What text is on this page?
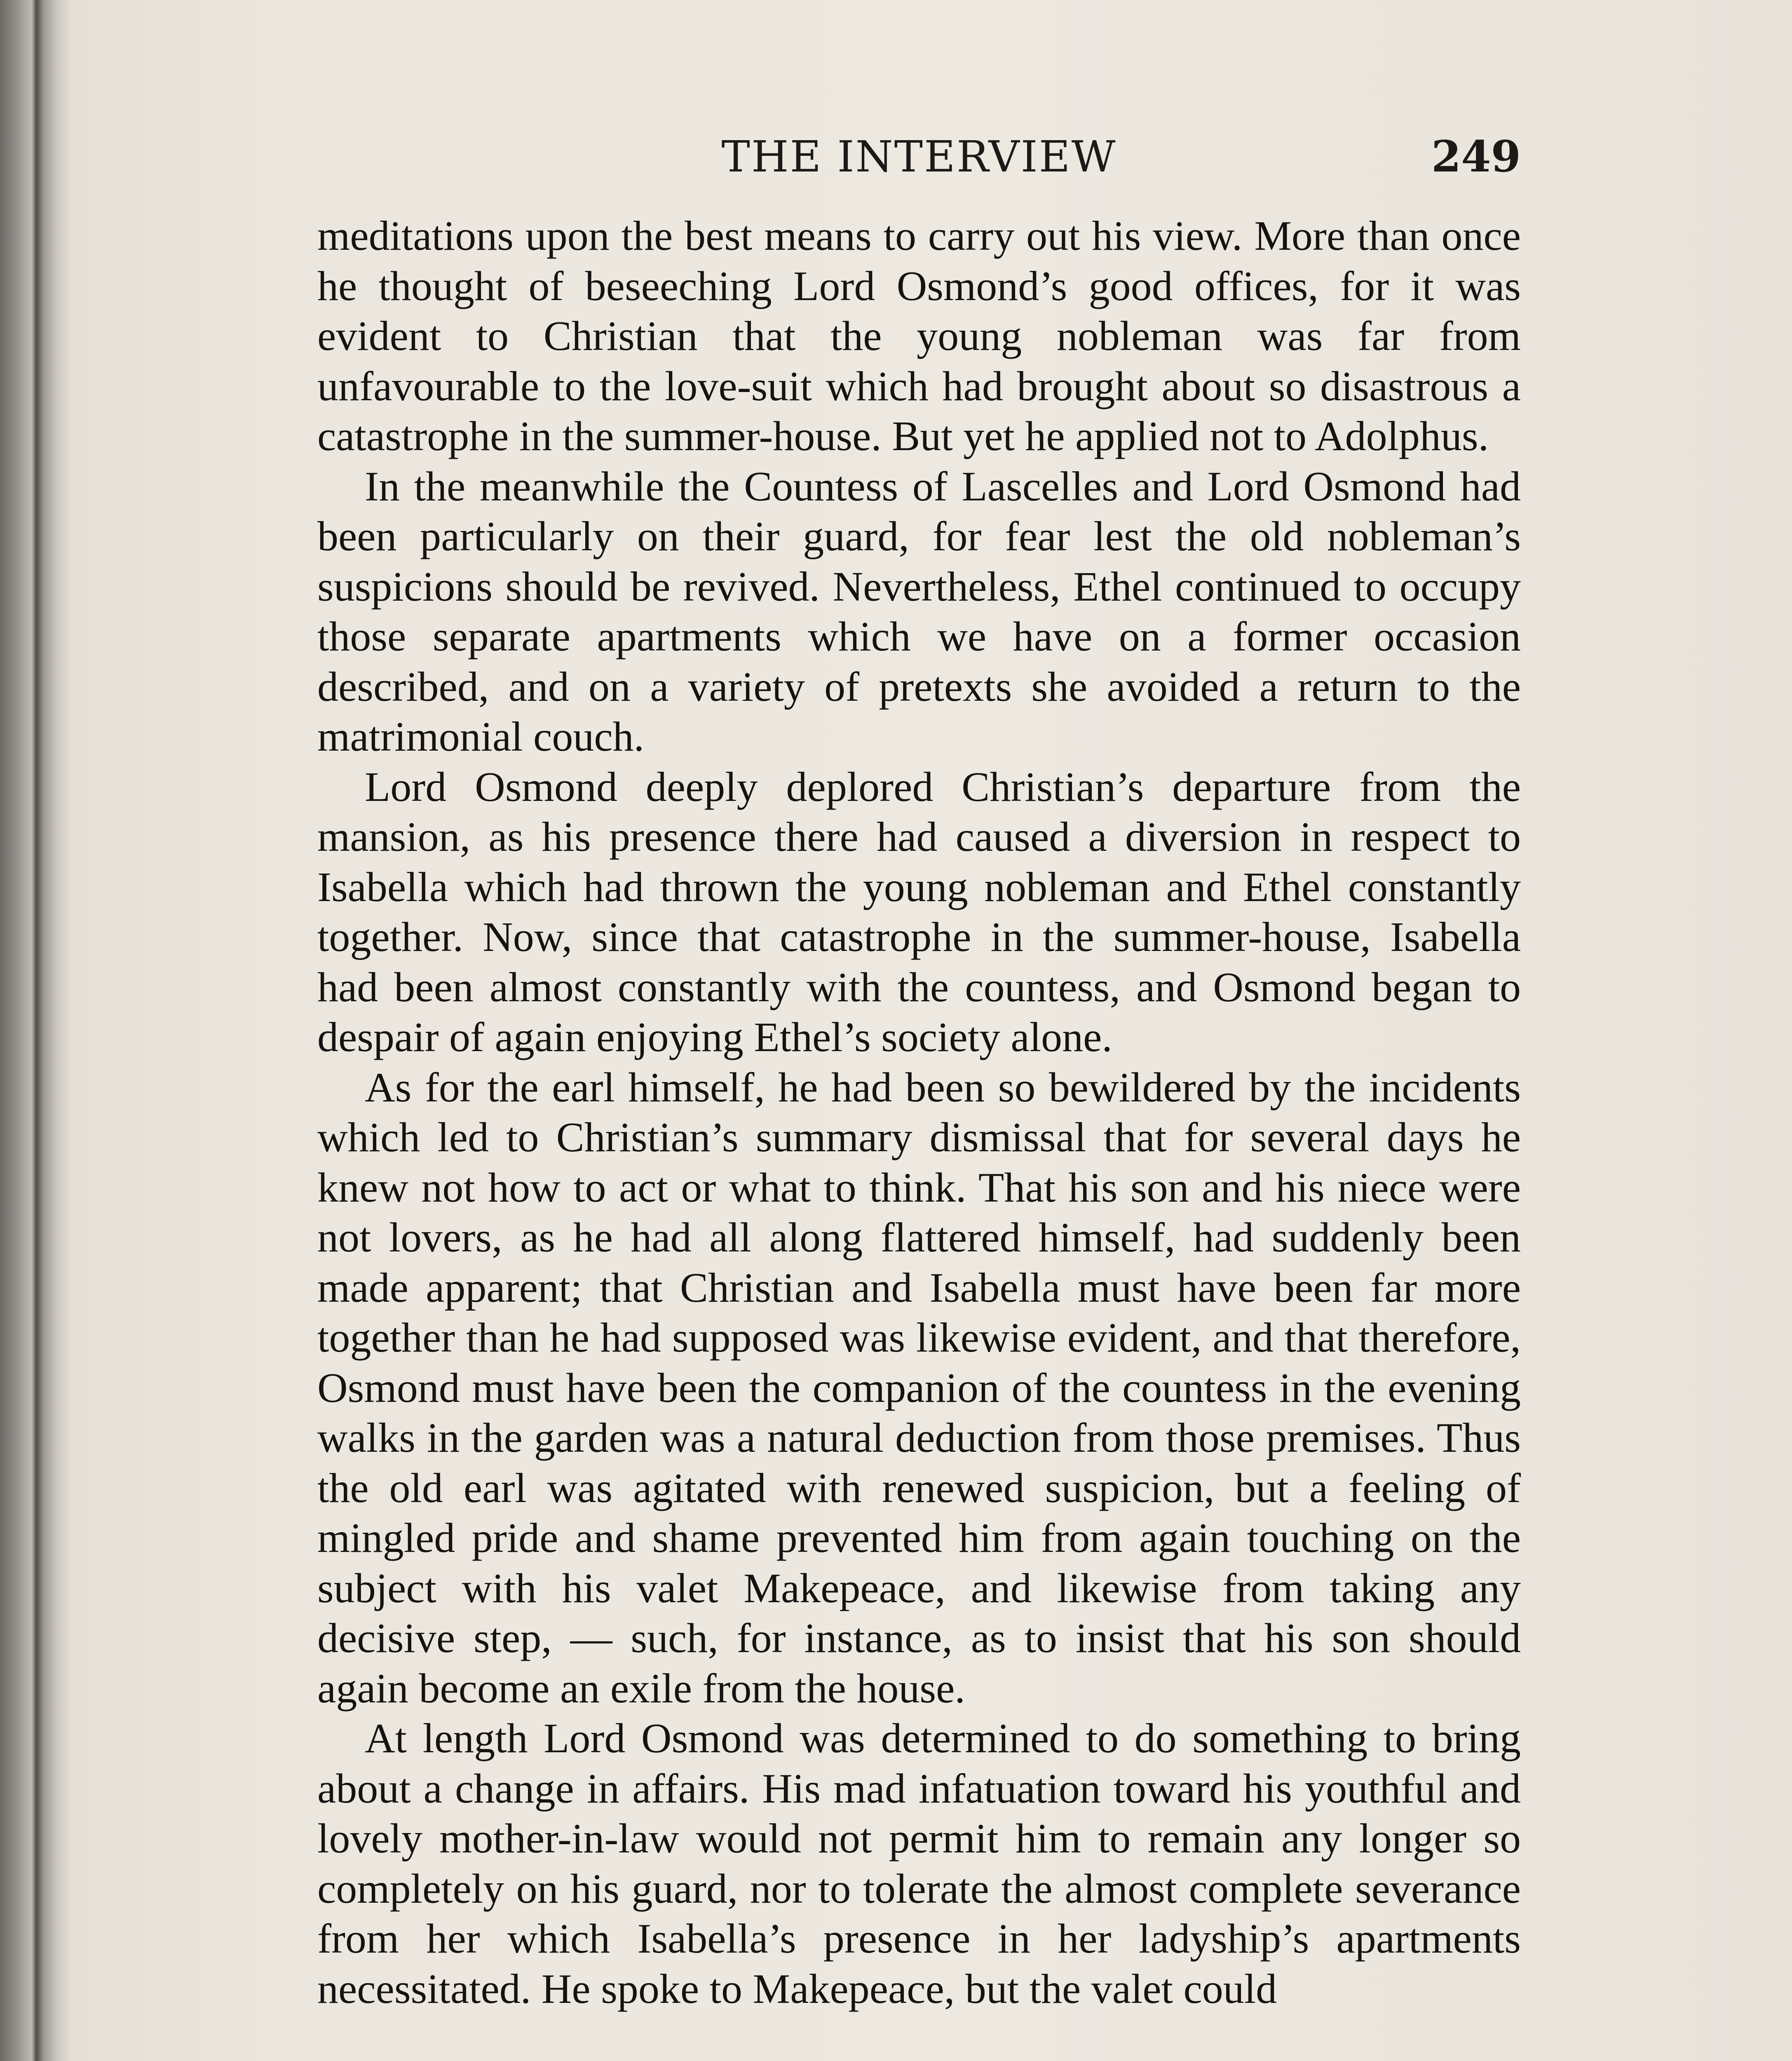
THE INTERVIEW	249

meditations upon the best means to carry out his view. More than once he thought of beseeching Lord Osmond’s good offices, for it was evident to Christian that the young nobleman was far from unfavourable to the love-suit which had brought about so disastrous a catastrophe in the summer-house. But yet he applied not to Adolphus.

In the meanwhile the Countess of Lascelles and Lord Osmond had been particularly on their guard, for fear lest the old nobleman’s suspicions should be revived. Nevertheless, Ethel continued to occupy those separate apartments which we have on a former occasion described, and on a variety of pretexts she avoided a return to the matrimonial couch.

Lord Osmond deeply deplored Christian’s departure from the mansion, as his presence there had caused a diversion in respect to Isabella which had thrown the young nobleman and Ethel constantly together. Now, since that catastrophe in the summer-house, Isabella had been almost constantly with the countess, and Osmond began to despair of again enjoying Ethel’s society alone.

As for the earl himself, he had been so bewildered by the incidents which led to Christian’s summary dismissal that for several days he knew not how to act or what to think. That his son and his niece were not lovers, as he had all along flattered himself, had suddenly been made apparent; that Christian and Isabella must have been far more together than he had supposed was likewise evident, and that therefore, Osmond must have been the companion of the countess in the evening walks in the garden was a natural deduction from those premises. Thus the old earl was agitated with renewed suspicion, but a feeling of mingled pride and shame prevented him from again touching on the subject with his valet Makepeace, and likewise from taking any decisive step, — such, for instance, as to insist that his son should again become an exile from the house.

At length Lord Osmond was determined to do something to bring about a change in affairs. His mad infatuation toward his youthful and lovely mother-in-law would not permit him to remain any longer so completely on his guard, nor to tolerate the almost complete severance from her which Isabella’s presence in her ladyship’s apartments necessitated. He spoke to Makepeace, but the valet could
